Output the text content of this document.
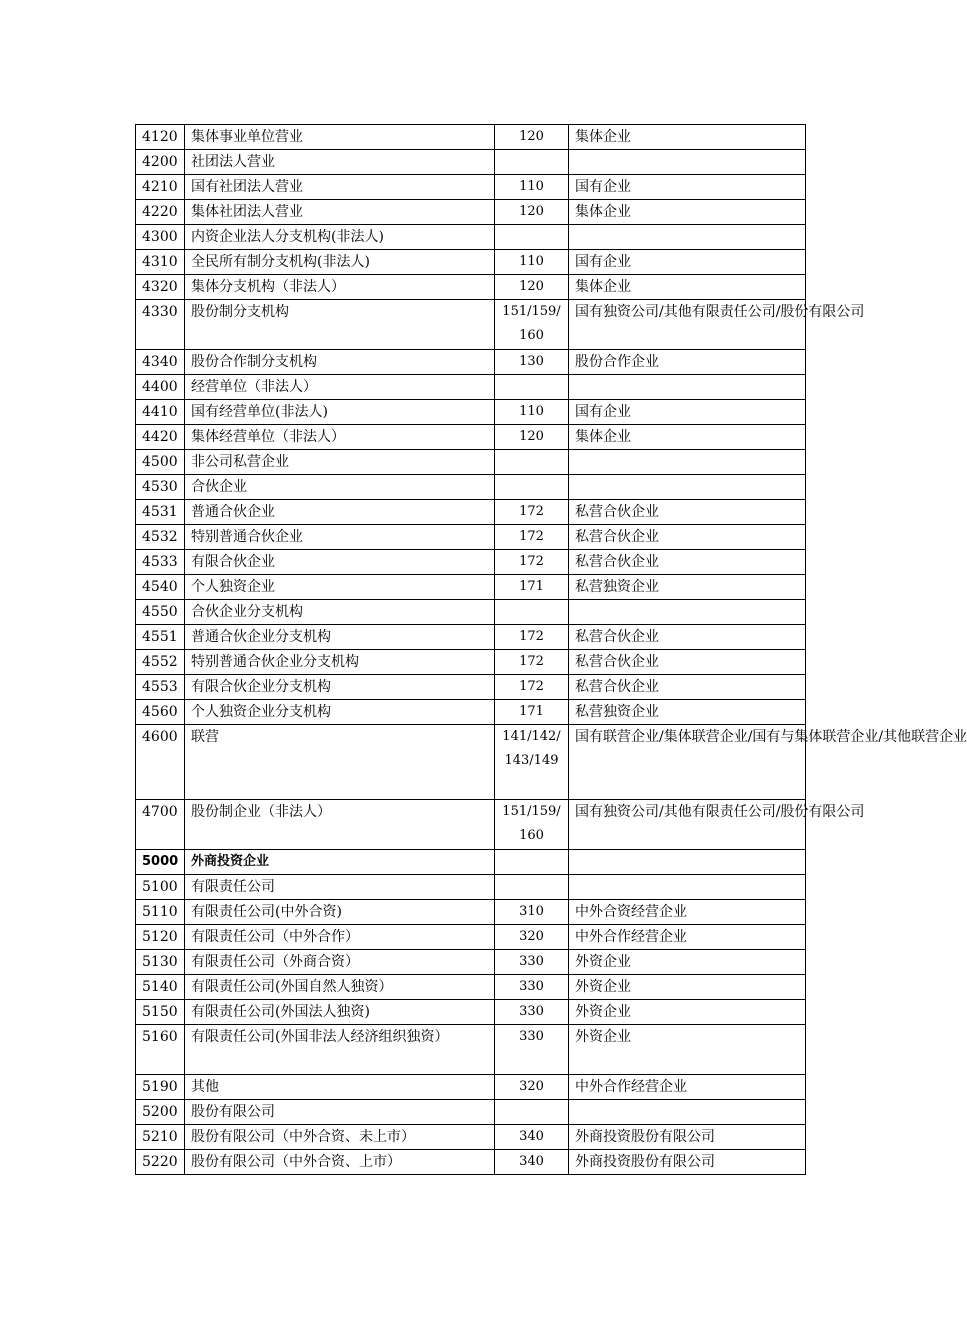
4120	集体事业单位营业	120	集体企业
4200	社团法人营业		
4210	国有社团法人营业	110	国有企业
4220	集体社团法人营业	120	集体企业
4300	内资企业法人分支机构(非法人)		
4310	全民所有制分支机构(非法人)	110	国有企业
4320	集体分支机构（非法人）	120	集体企业
4330	股份制分支机构	151/159/160	国有独资公司/其他有限责任公司/股份有限公司
4340	股份合作制分支机构	130	股份合作企业
4400	经营单位（非法人）		
4410	国有经营单位(非法人)	110	国有企业
4420	集体经营单位（非法人）	120	集体企业
4500	非公司私营企业		
4530	合伙企业		
4531	普通合伙企业	172	私营合伙企业
4532	特别普通合伙企业	172	私营合伙企业
4533	有限合伙企业	172	私营合伙企业
4540	个人独资企业	171	私营独资企业
4550	合伙企业分支机构		
4551	普通合伙企业分支机构	172	私营合伙企业
4552	特别普通合伙企业分支机构	172	私营合伙企业
4553	有限合伙企业分支机构	172	私营合伙企业
4560	个人独资企业分支机构	171	私营独资企业
4600	联营	141/142/143/149	国有联营企业/集体联营企业/国有与集体联营企业/其他联营企业
4700	股份制企业（非法人）	151/159/160	国有独资公司/其他有限责任公司/股份有限公司
5000	外商投资企业		
5100	有限责任公司		
5110	有限责任公司(中外合资)	310	中外合资经营企业
5120	有限责任公司（中外合作）	320	中外合作经营企业
5130	有限责任公司（外商合资）	330	外资企业
5140	有限责任公司(外国自然人独资）	330	外资企业
5150	有限责任公司(外国法人独资)	330	外资企业
5160	有限责任公司(外国非法人经济组织独资）	330	外资企业
5190	其他	320	中外合作经营企业
5200	股份有限公司		
5210	股份有限公司（中外合资、未上市）	340	外商投资股份有限公司
5220	股份有限公司（中外合资、上市）	340	外商投资股份有限公司
